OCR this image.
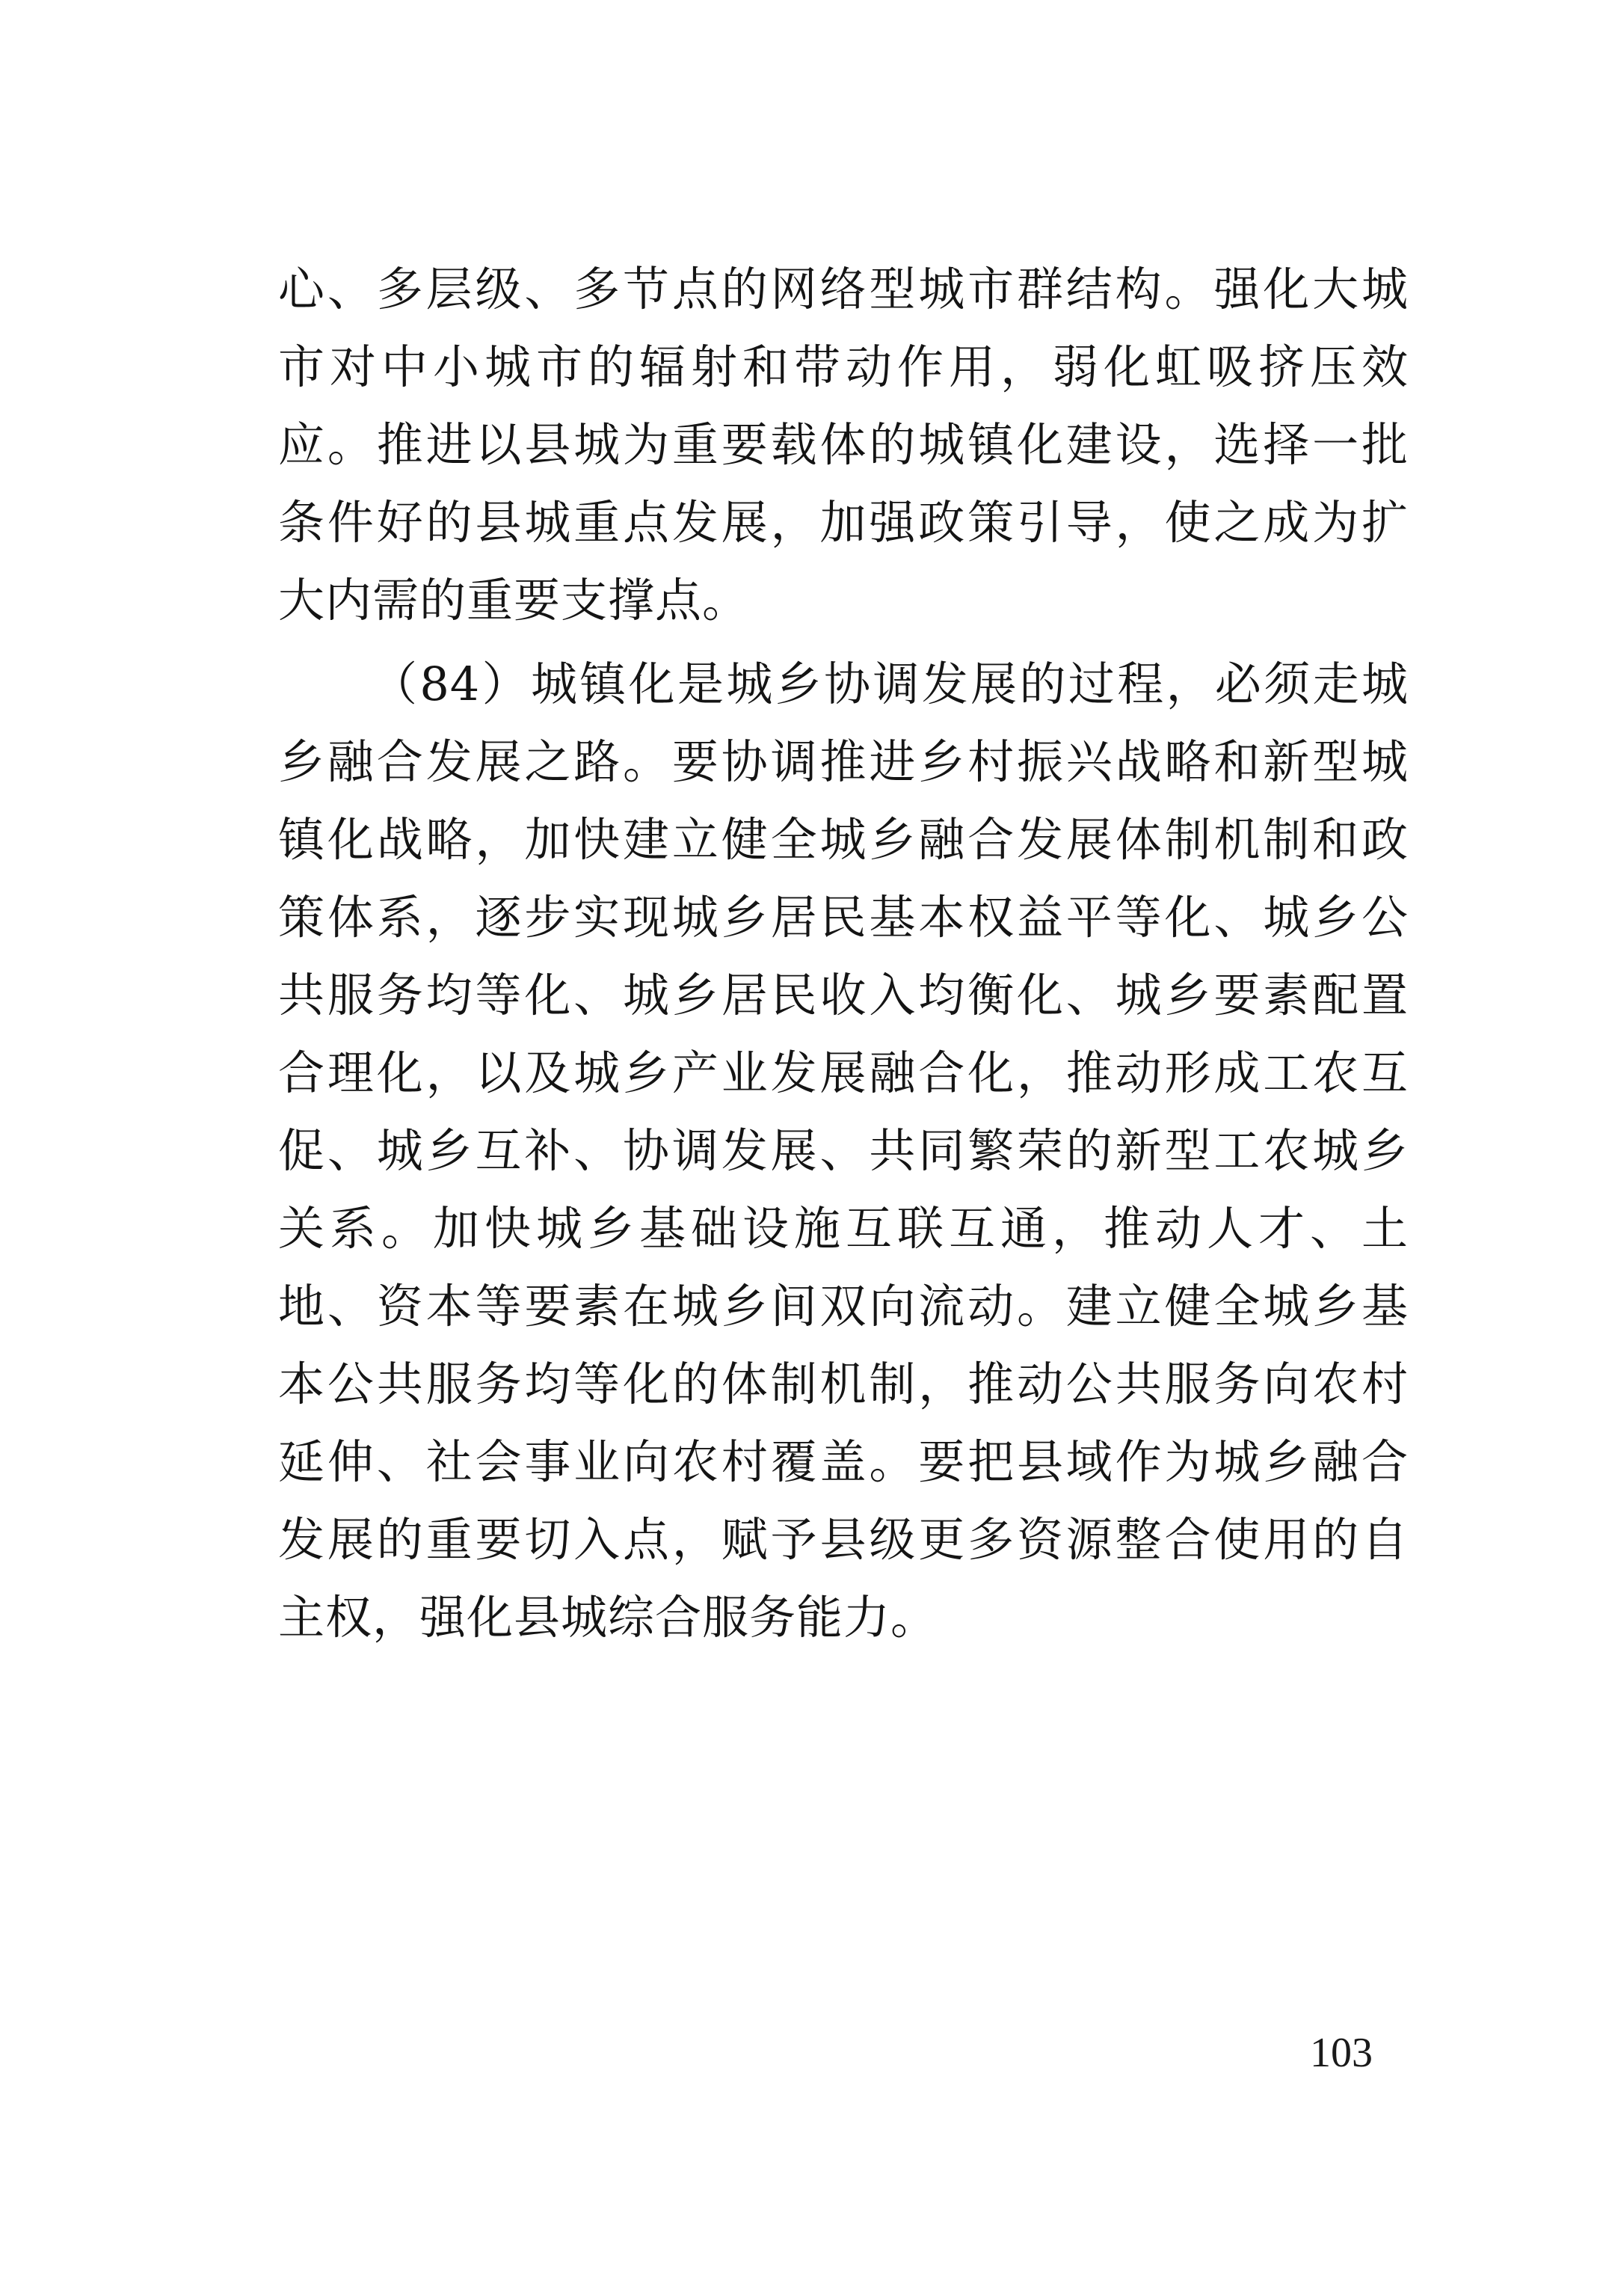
心、多层级、多节点的网络型城市群结构。强化大城
市对中小城市的辐射和带动作用，弱化虹吸挤压效
应。推进以县城为重要载体的城镇化建设，选择一批
条件好的县城重点发展，加强政策引导，使之成为扩
大内需的重要支撑点。
（84）城镇化是城乡协调发展的过程，必须走城
乡融合发展之路。要协调推进乡村振兴战略和新型城
镇化战略，加快建立健全城乡融合发展体制机制和政
策体系，逐步实现城乡居民基本权益平等化、城乡公
共服务均等化、城乡居民收入均衡化、城乡要素配置
合理化，以及城乡产业发展融合化，推动形成工农互
促、城乡互补、协调发展、共同繁荣的新型工农城乡
关系。加快城乡基础设施互联互通，推动人才、土
地、资本等要素在城乡间双向流动。建立健全城乡基
本公共服务均等化的体制机制，推动公共服务向农村
延伸、社会事业向农村覆盖。要把县域作为城乡融合
发展的重要切入点，赋予县级更多资源整合使用的自
主权，强化县城综合服务能力。
103
